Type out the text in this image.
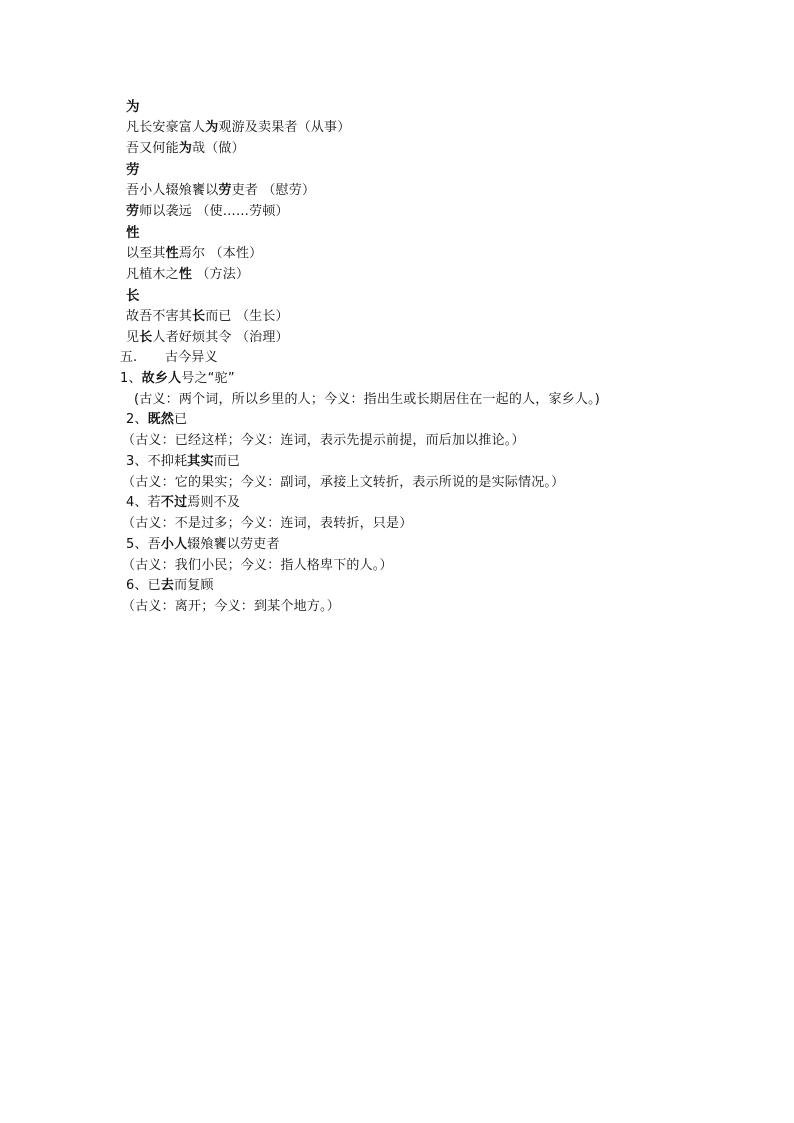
为
凡长安豪富人为观游及卖果者（从事）
吾又何能为哉（做）
劳
吾小人辍飧饔以劳吏者 （慰劳）
劳师以袭远 （使……劳顿）
性
以至其性焉尔 （本性）
凡植木之性 （方法）
长
故吾不害其长而已 （生长）
见长人者好烦其令 （治理）
五. 古今异义
1、故乡人号之“驼”
(古义：两个词，所以乡里的人；今义：指出生或长期居住在一起的人，家乡人。)
2、既然已
（古义：已经这样；今义：连词，表示先提示前提，而后加以推论。）
3、不抑耗其实而已
（古义：它的果实；今义：副词，承接上文转折，表示所说的是实际情况。）
4、若不过焉则不及
（古义：不是过多；今义：连词，表转折，只是）
5、吾小人辍飧饔以劳吏者
（古义：我们小民；今义：指人格卑下的人。）
6、已去而复顾
（古义：离开；今义：到某个地方。）
